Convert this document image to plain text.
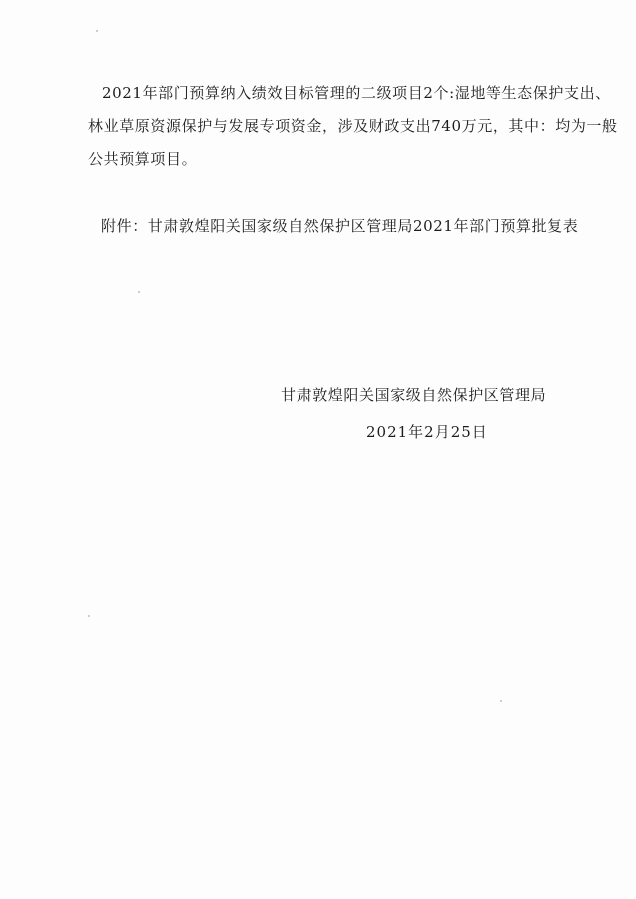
2021年部门预算纳入绩效目标管理的二级项目2个:湿地等生态保护支出、
林业草原资源保护与发展专项资金，涉及财政支出740万元，其中：均为一般
公共预算项目。
附件：甘肃敦煌阳关国家级自然保护区管理局2021年部门预算批复表
甘肃敦煌阳关国家级自然保护区管理局
2021年2月25日
